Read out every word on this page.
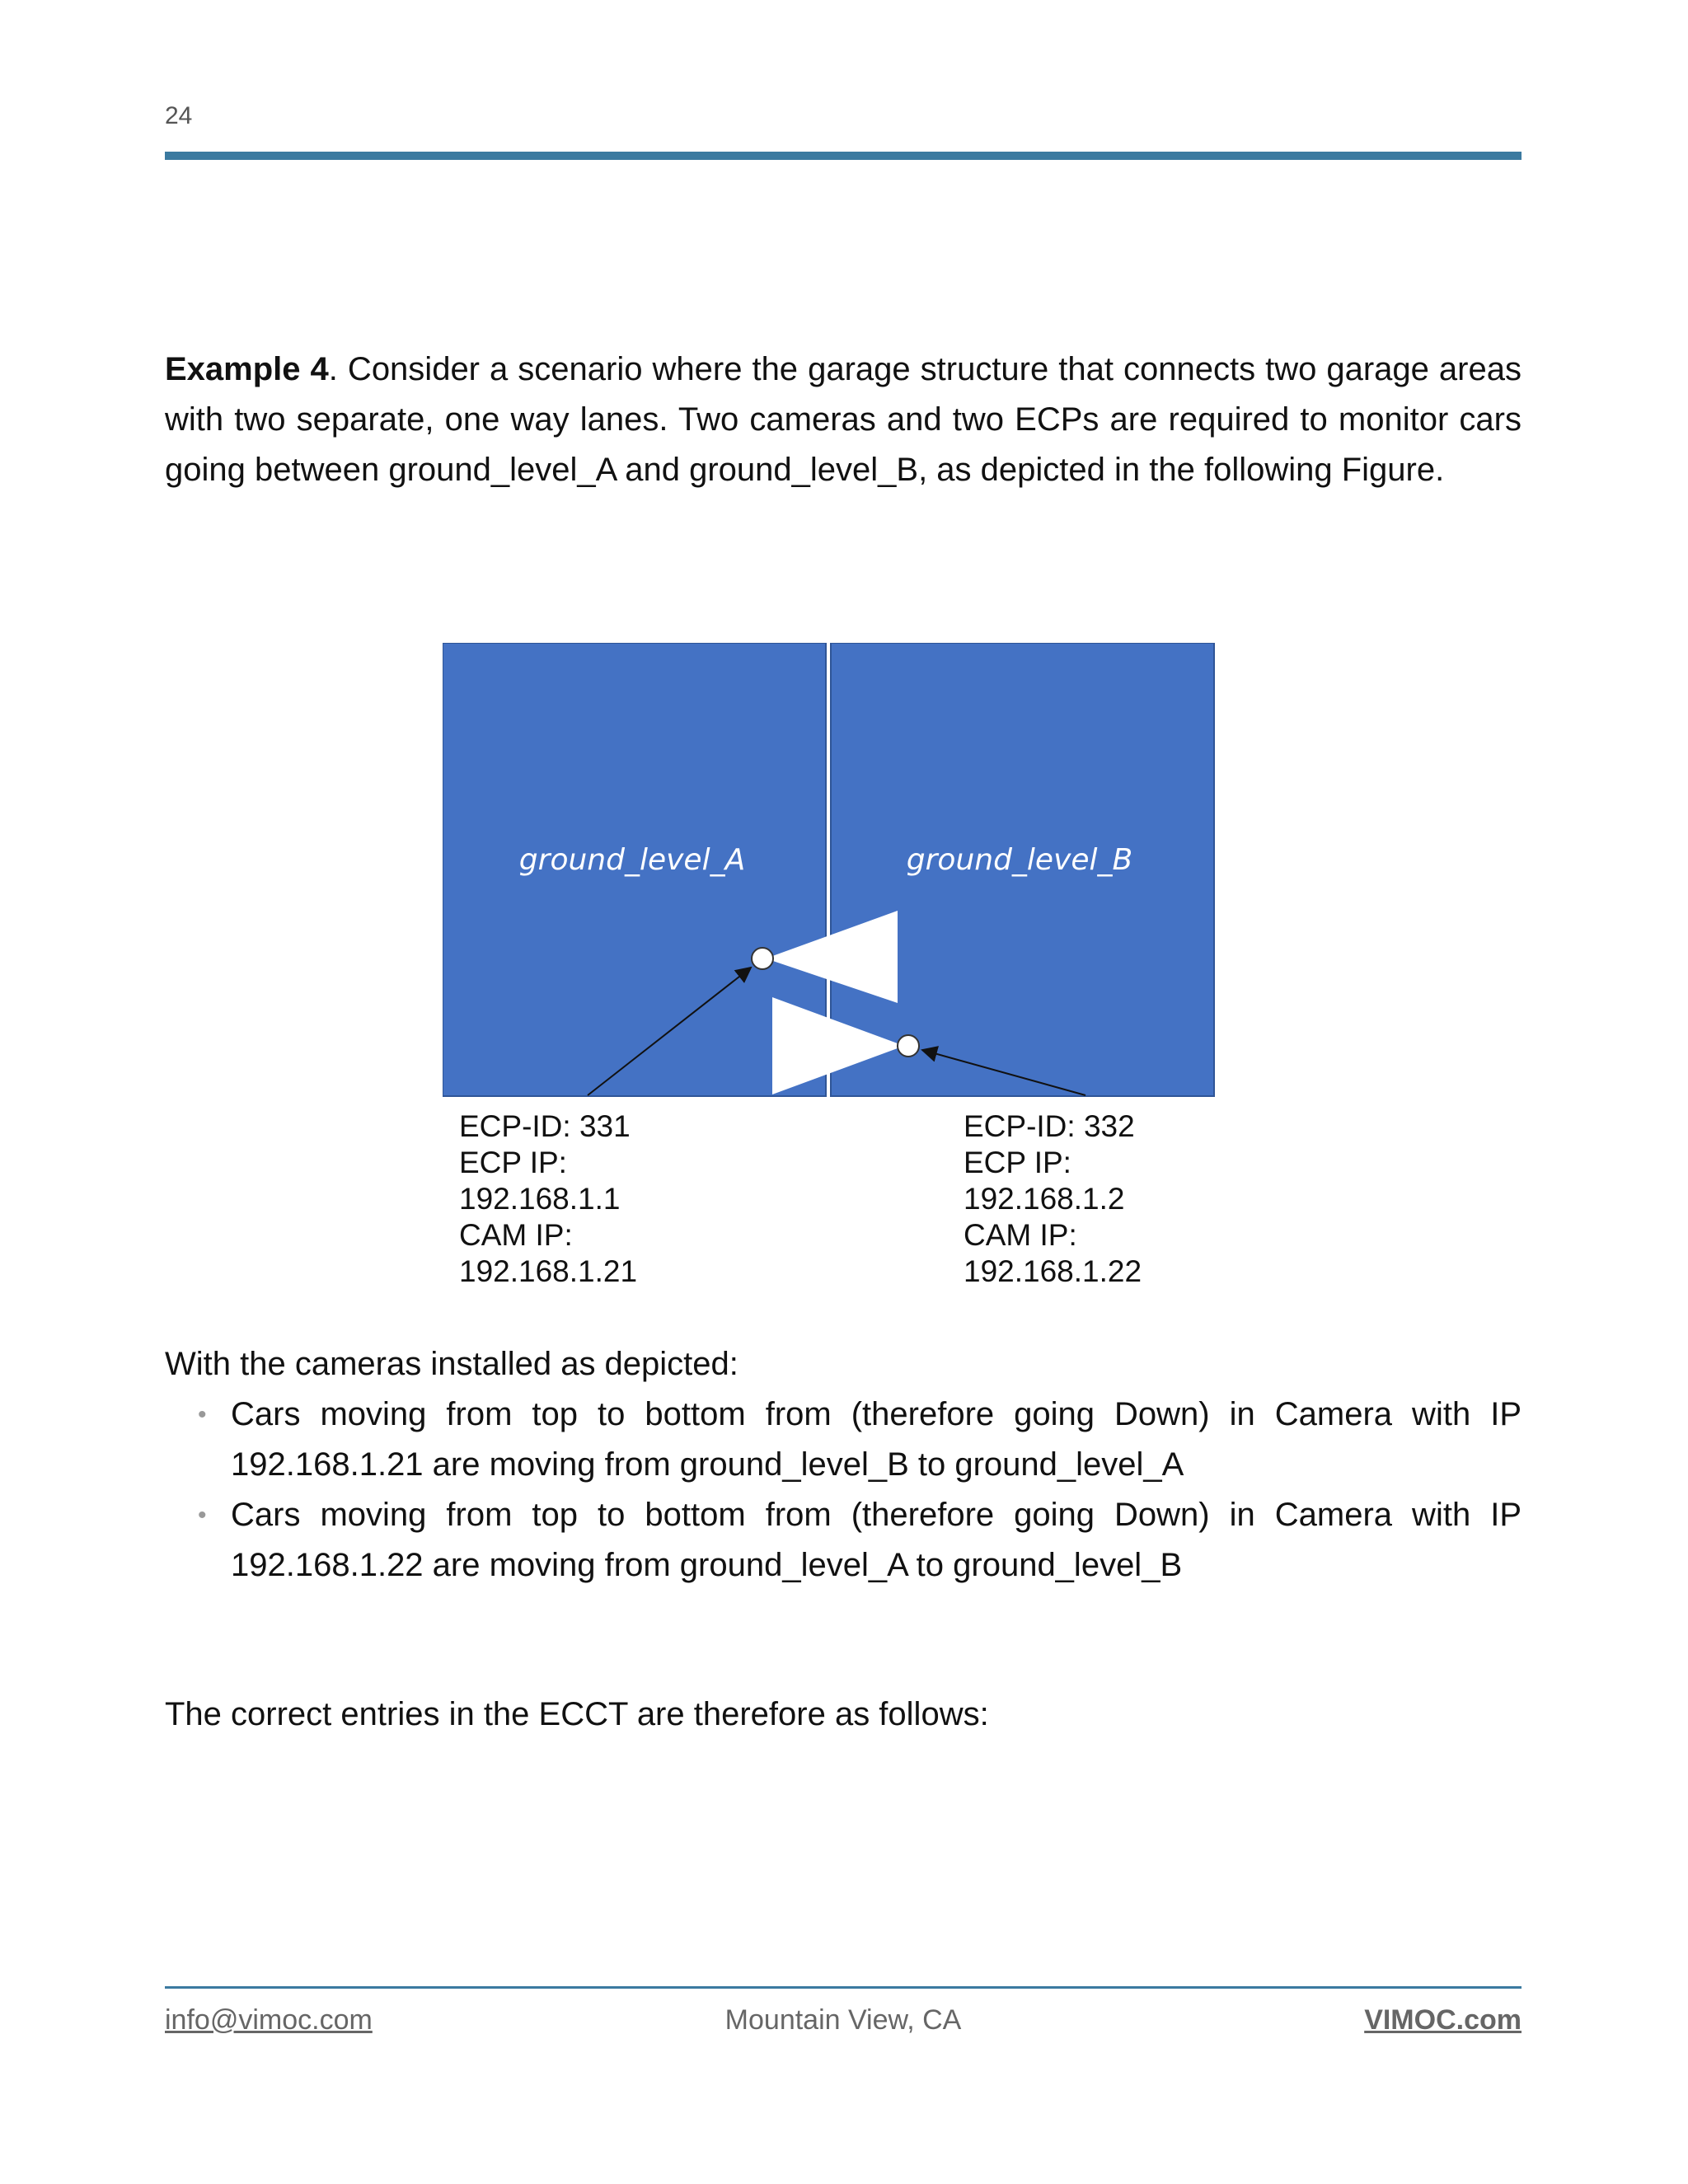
24
Example 4. Consider a scenario where the garage structure that connects two garage areas with two separate, one way lanes. Two cameras and two ECPs are required to monitor cars going between ground_level_A and ground_level_B, as depicted in the following Figure.
ground_level_A	ground_level_B
ECP-ID: 331
ECP IP:
192.168.1.1
CAM IP:
192.168.1.21
ECP-ID: 332
ECP IP:
192.168.1.2
CAM IP:
192.168.1.22
With the cameras installed as depicted:
• Cars moving from top to bottom from (therefore going Down) in Camera with IP 192.168.1.21 are moving from ground_level_B to ground_level_A
• Cars moving from top to bottom from (therefore going Down) in Camera with IP 192.168.1.22 are moving from ground_level_A to ground_level_B
The correct entries in the ECCT are therefore as follows:
info@vimoc.com	Mountain View, CA	VIMOC.com
